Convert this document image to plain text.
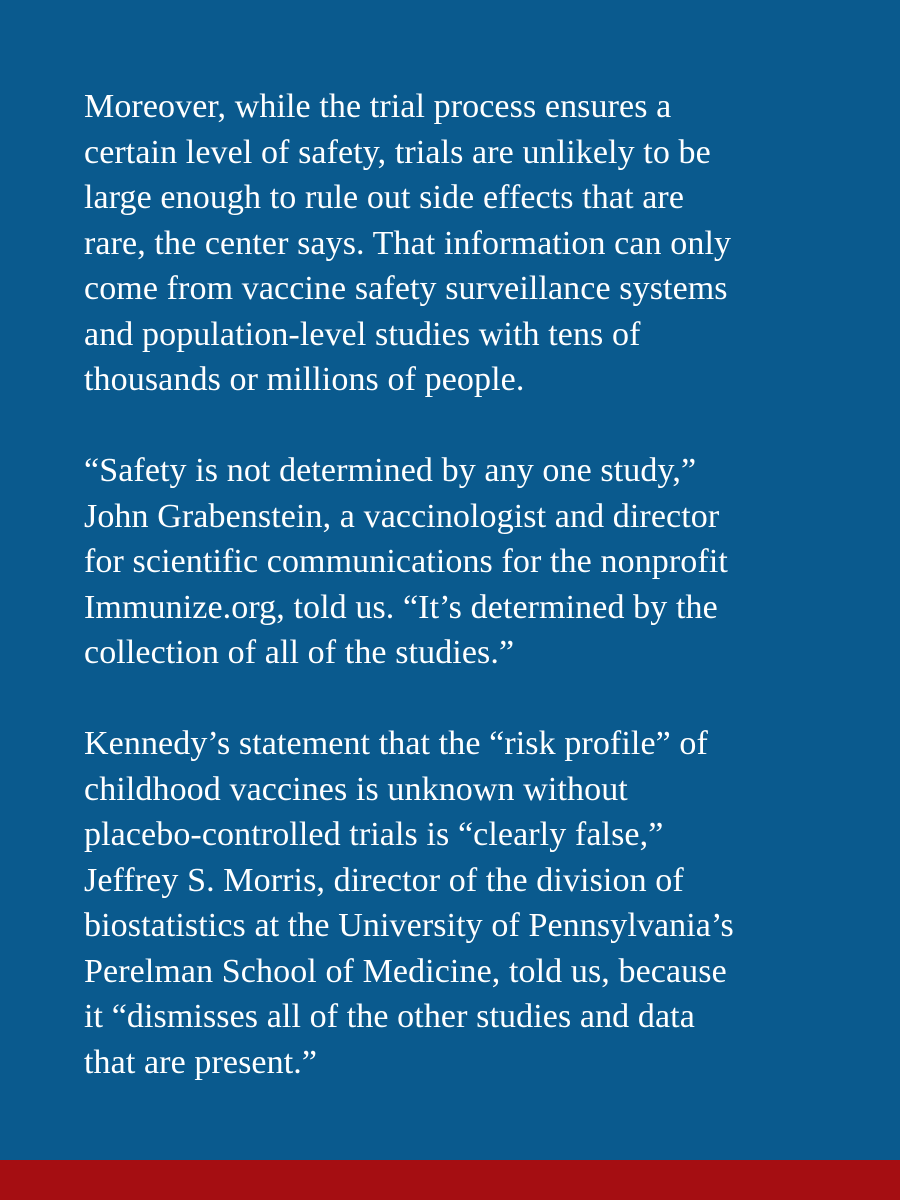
Moreover, while the trial process ensures a
certain level of safety, trials are unlikely to be
large enough to rule out side effects that are
rare, the center says. That information can only
come from vaccine safety surveillance systems
and population-level studies with tens of
thousands or millions of people.

“Safety is not determined by any one study,”
John Grabenstein, a vaccinologist and director
for scientific communications for the nonprofit
Immunize.org, told us. “It’s determined by the
collection of all of the studies.”

Kennedy’s statement that the “risk profile” of
childhood vaccines is unknown without
placebo-controlled trials is “clearly false,”
Jeffrey S. Morris, director of the division of
biostatistics at the University of Pennsylvania’s
Perelman School of Medicine, told us, because
it “dismisses all of the other studies and data
that are present.”
